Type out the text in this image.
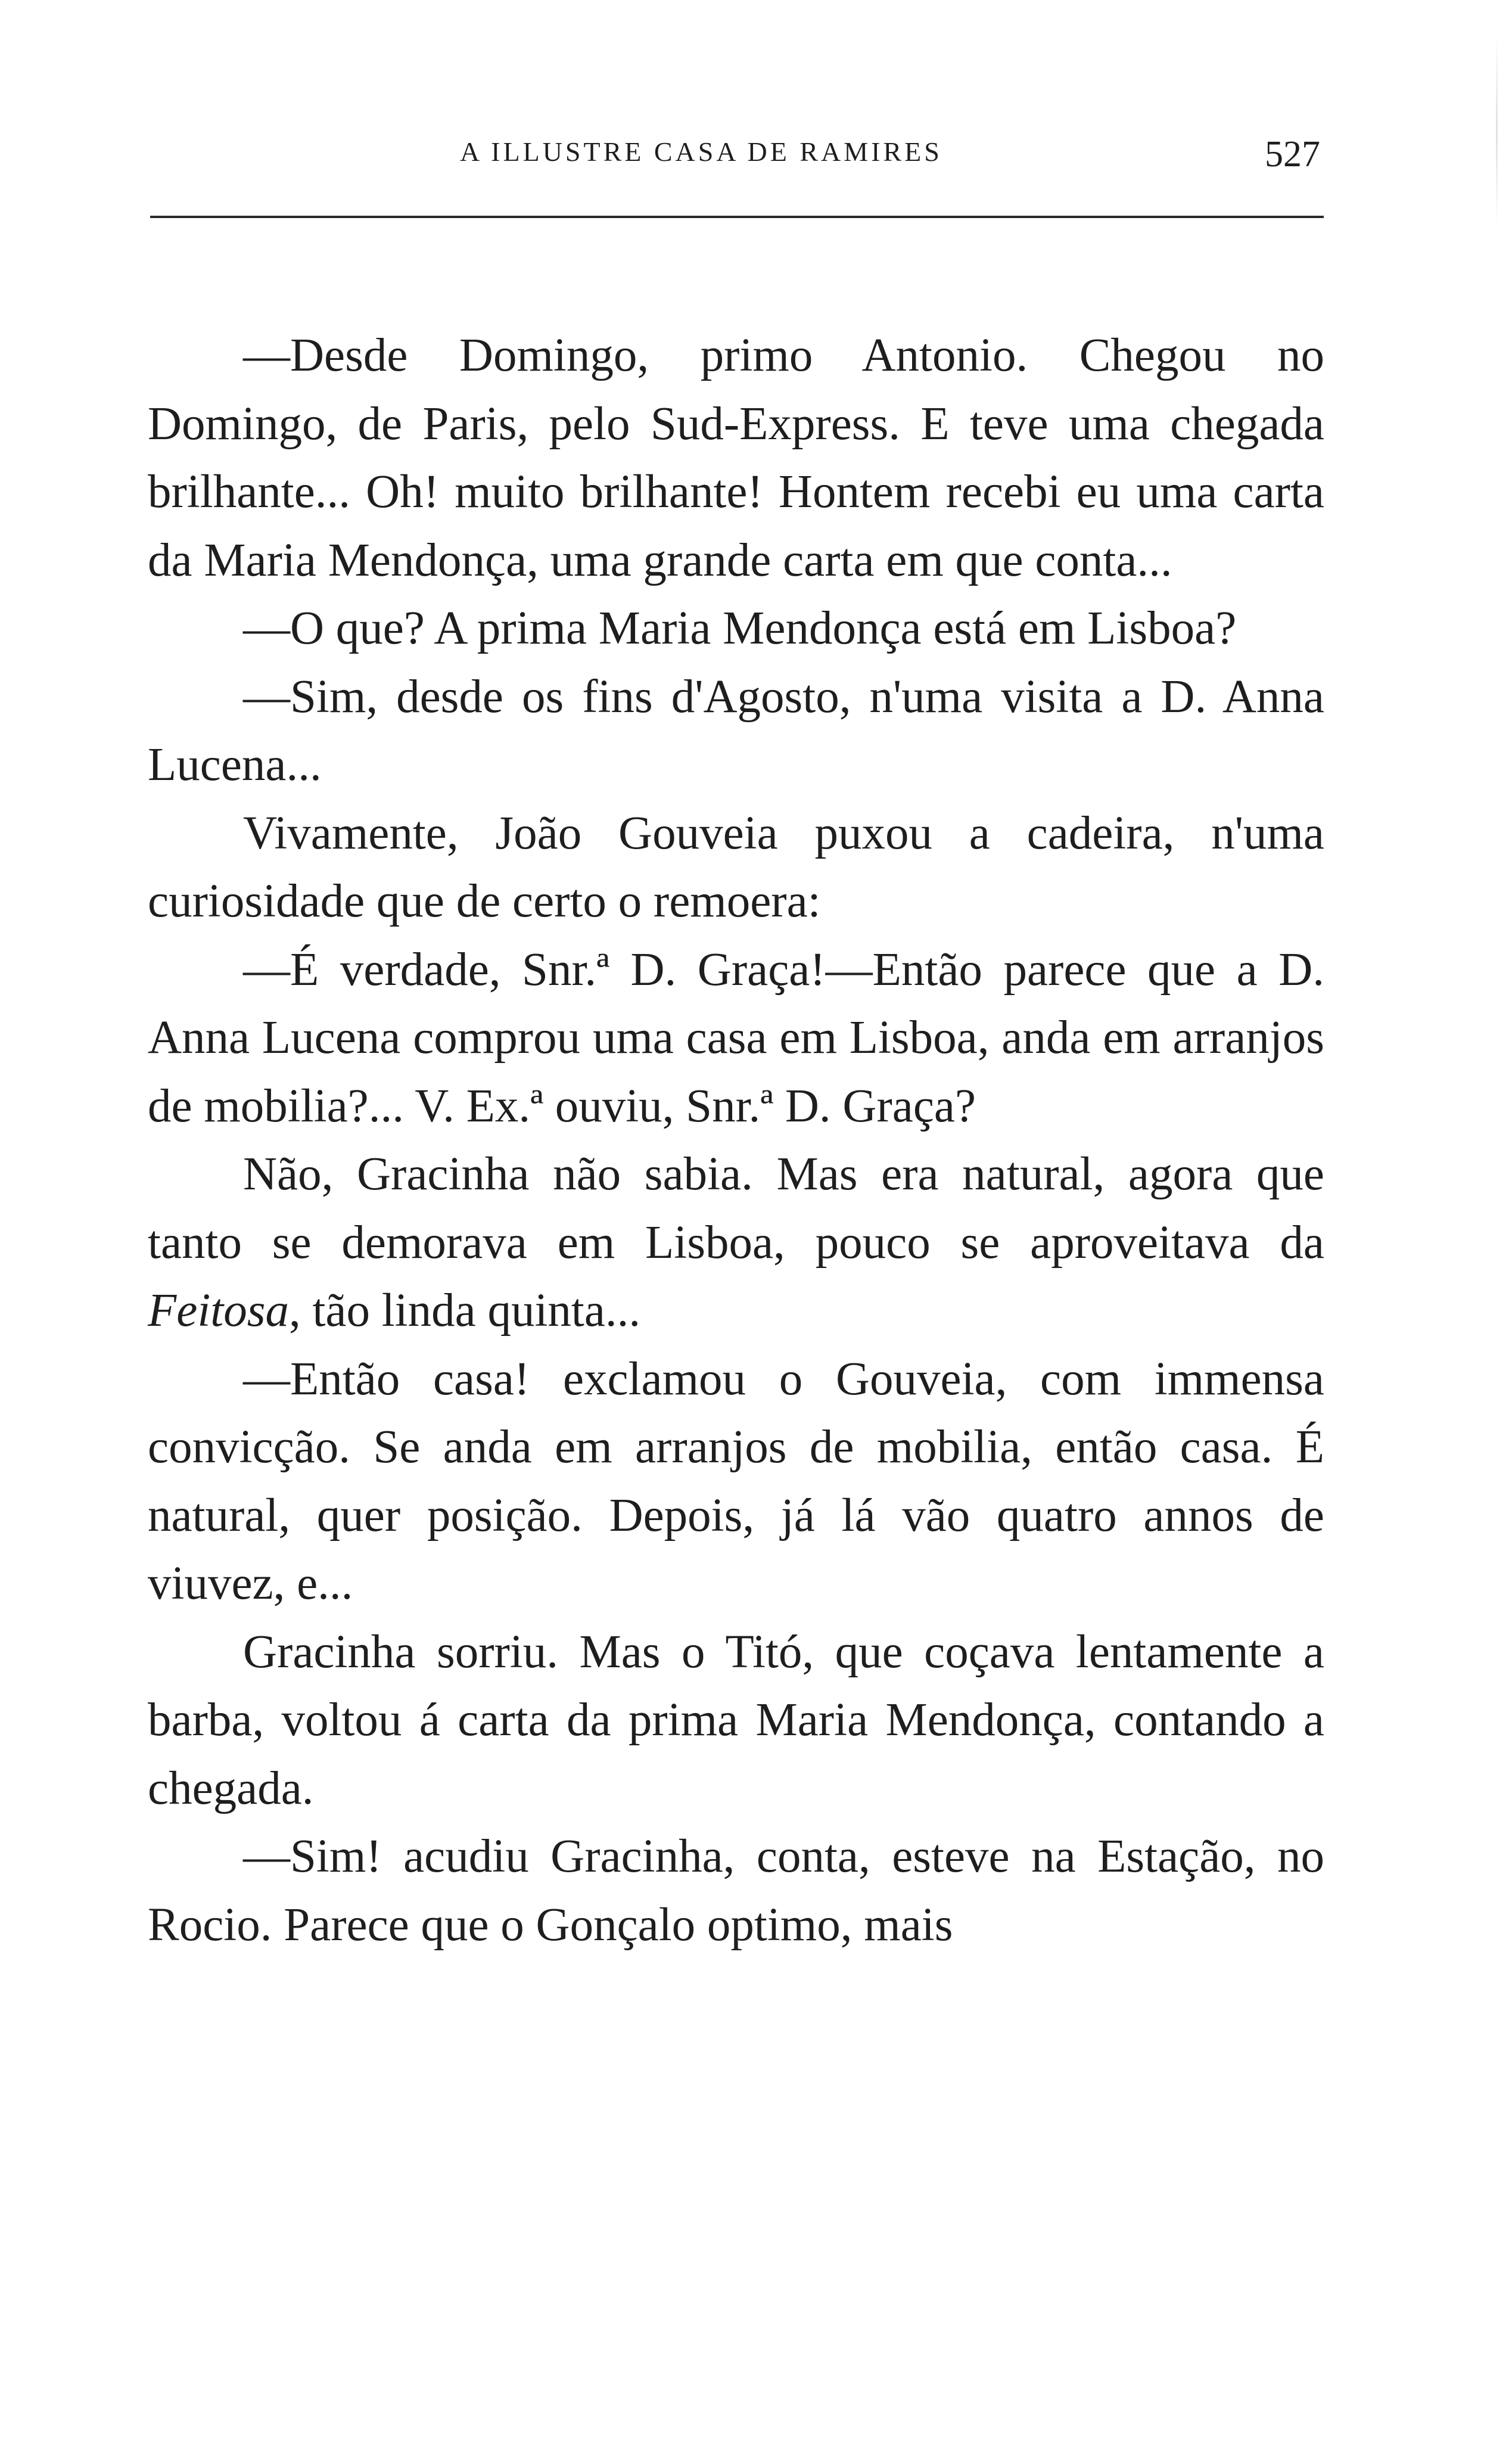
A ILLUSTRE CASA DE RAMIRES	527

—Desde Domingo, primo Antonio. Chegou no Domingo, de Paris, pelo Sud-Express. E teve uma chegada brilhante... Oh! muito brilhante! Hontem recebi eu uma carta da Maria Mendonça, uma grande carta em que conta...

—O que? A prima Maria Mendonça está em Lisboa?

—Sim, desde os fins d'Agosto, n'uma visita a D. Anna Lucena...

Vivamente, João Gouveia puxou a cadeira, n'uma curiosidade que de certo o remoera:

—É verdade, Snr.ª D. Graça!—Então parece que a D. Anna Lucena comprou uma casa em Lisboa, anda em arranjos de mobilia?... V. Ex.ª ouviu, Snr.ª D. Graça?

Não, Gracinha não sabia. Mas era natural, agora que tanto se demorava em Lisboa, pouco se aproveitava da Feitosa, tão linda quinta...

—Então casa! exclamou o Gouveia, com immensa convicção. Se anda em arranjos de mobilia, então casa. É natural, quer posição. Depois, já lá vão quatro annos de viuvez, e...

Gracinha sorriu. Mas o Titó, que coçava lentamente a barba, voltou á carta da prima Maria Mendonça, contando a chegada.

—Sim! acudiu Gracinha, conta, esteve na Estação, no Rocio. Parece que o Gonçalo optimo, mais
